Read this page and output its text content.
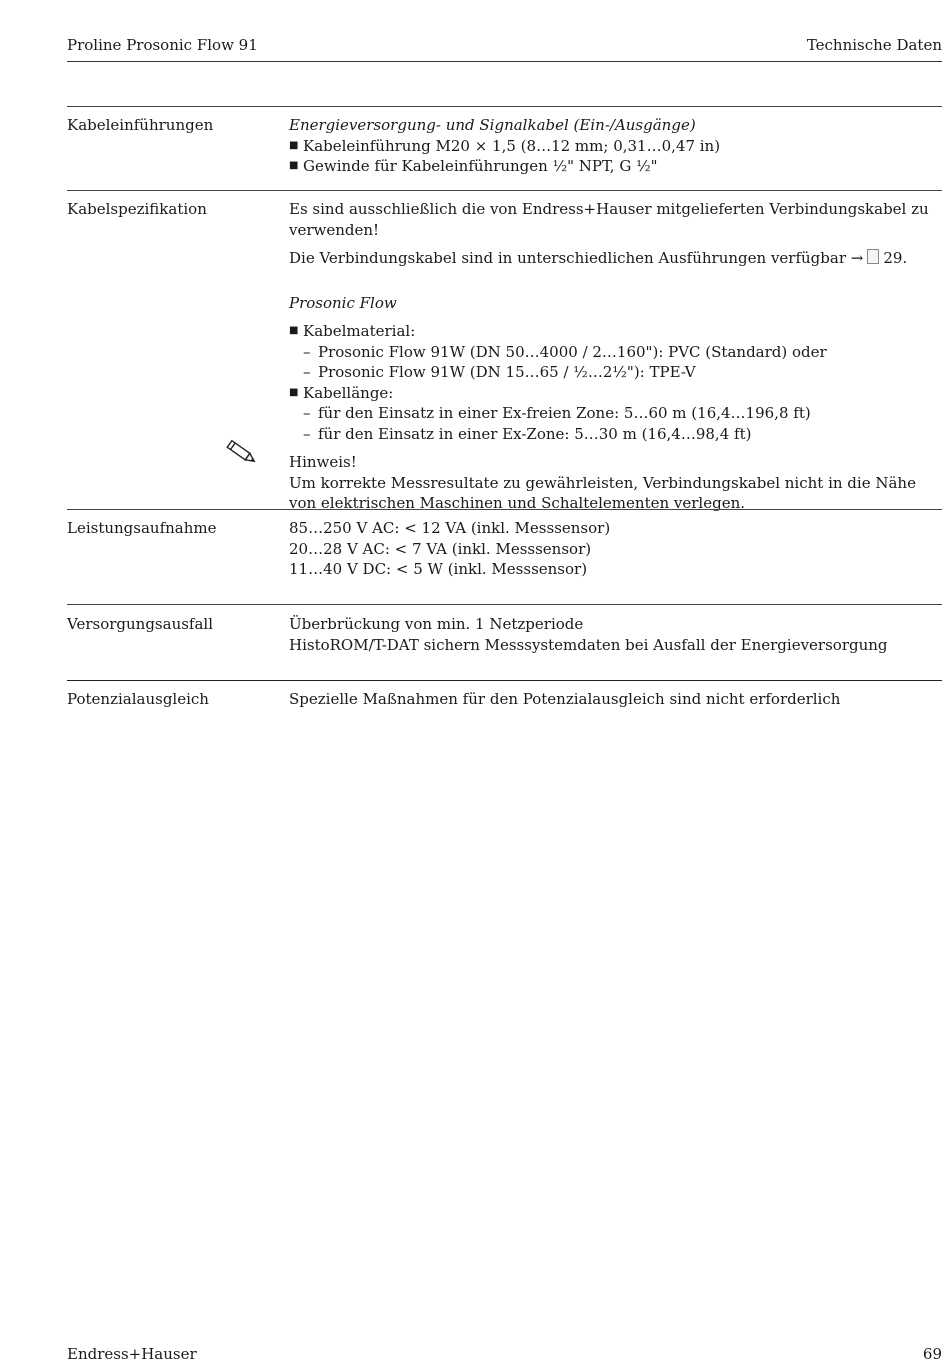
Proline Prosonic Flow 91	Technische Daten
Kabeleinführungen	Energieversorgung- und Signalkabel (Ein-/Ausgänge)
■ Kabeleinführung M20 × 1,5 (8…12 mm; 0,31…0,47 in)
■ Gewinde für Kabeleinführungen ½" NPT, G ½"
Kabelspezifikation	Es sind ausschließlich die von Endress+Hauser mitgelieferten Verbindungskabel zu verwenden!
Die Verbindungskabel sind in unterschiedlichen Ausführungen verfügbar → 29.
Prosonic Flow
■ Kabelmaterial:
– Prosonic Flow 91W (DN 50…4000 / 2…160"): PVC (Standard) oder
– Prosonic Flow 91W (DN 15…65 / ½…2½"): TPE-V
■ Kabellänge:
– für den Einsatz in einer Ex-freien Zone: 5…60 m (16,4…196,8 ft)
– für den Einsatz in einer Ex-Zone: 5…30 m (16,4…98,4 ft)
Hinweis!
Um korrekte Messresultate zu gewährleisten, Verbindungskabel nicht in die Nähe von elektrischen Maschinen und Schaltelementen verlegen.
Leistungsaufnahme	85…250 V AC: < 12 VA (inkl. Messsensor)
20…28 V AC: < 7 VA (inkl. Messsensor)
11…40 V DC: < 5 W (inkl. Messsensor)
Versorgungsausfall	Überbrückung von min. 1 Netzperiode
HistoROM/T-DAT sichern Messsystemdaten bei Ausfall der Energieversorgung
Potenzialausgleich	Spezielle Maßnahmen für den Potenzialausgleich sind nicht erforderlich
Endress+Hauser	69
